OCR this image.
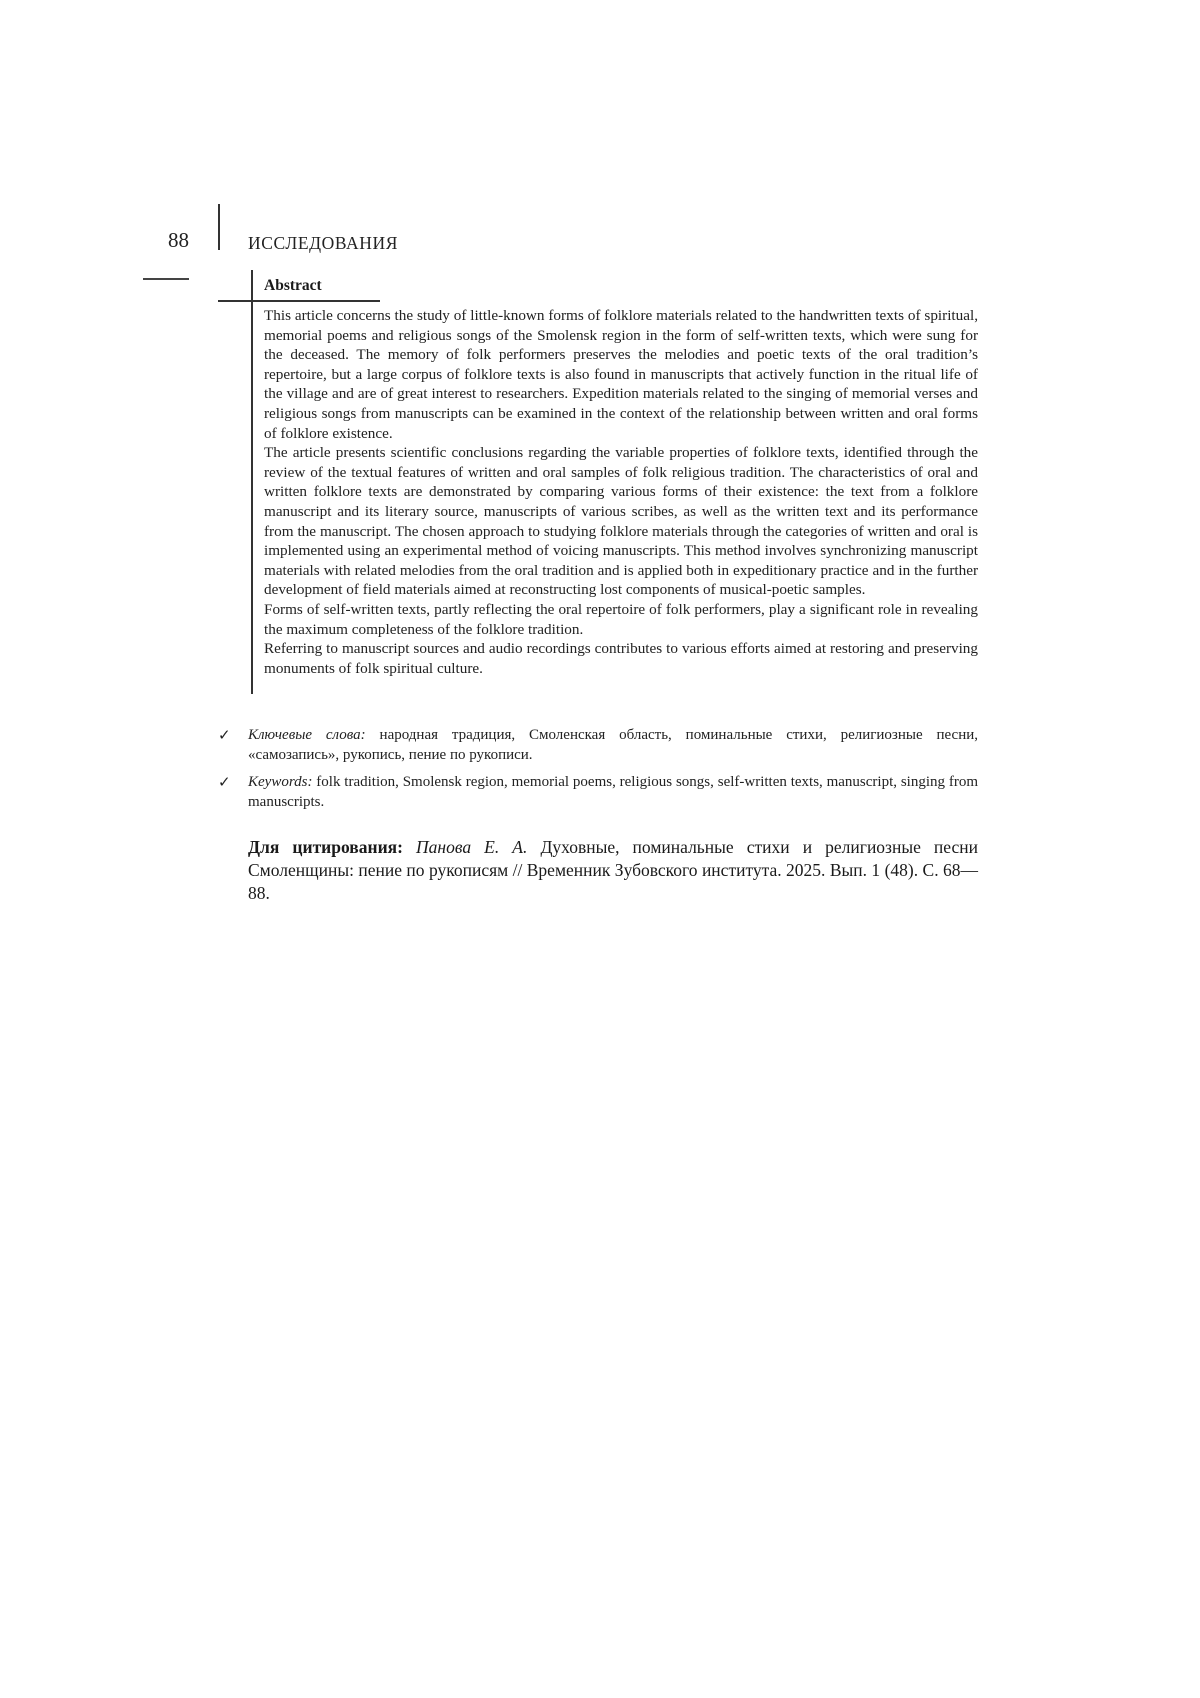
88	ИССЛЕДОВАНИЯ
Abstract

This article concerns the study of little-known forms of folklore materials related to the handwritten texts of spiritual, memorial poems and religious songs of the Smolensk region in the form of self-written texts, which were sung for the deceased. The memory of folk performers preserves the melodies and poetic texts of the oral tradition’s repertoire, but a large corpus of folklore texts is also found in manuscripts that actively function in the ritual life of the village and are of great interest to researchers. Expedition materials related to the singing of memorial verses and religious songs from manuscripts can be examined in the context of the relationship between written and oral forms of folklore existence.

The article presents scientific conclusions regarding the variable properties of folklore texts, identified through the review of the textual features of written and oral samples of folk religious tradition. The characteristics of oral and written folklore texts are demonstrated by comparing various forms of their existence: the text from a folklore manuscript and its literary source, manuscripts of various scribes, as well as the written text and its performance from the manuscript. The chosen approach to studying folklore materials through the categories of written and oral is implemented using an experimental method of voicing manuscripts. This method involves synchronizing manuscript materials with related melodies from the oral tradition and is applied both in expeditionary practice and in the further development of field materials aimed at reconstructing lost components of musical-poetic samples.

Forms of self-written texts, partly reflecting the oral repertoire of folk performers, play a significant role in revealing the maximum completeness of the folklore tradition.

Referring to manuscript sources and audio recordings contributes to various efforts aimed at restoring and preserving monuments of folk spiritual culture.

✓ Ключевые слова: народная традиция, Смоленская область, поминальные стихи, религиозные песни, «самозапись», рукопись, пение по рукописи.
✓ Keywords: folk tradition, Smolensk region, memorial poems, religious songs, self-written texts, manuscript, singing from manuscripts.
Для цитирования: Панова Е. А. Духовные, поминальные стихи и религиозные песни Смоленщины: пение по рукописям // Временник Зубовского института. 2025. Вып. 1 (48). С. 68—88.
